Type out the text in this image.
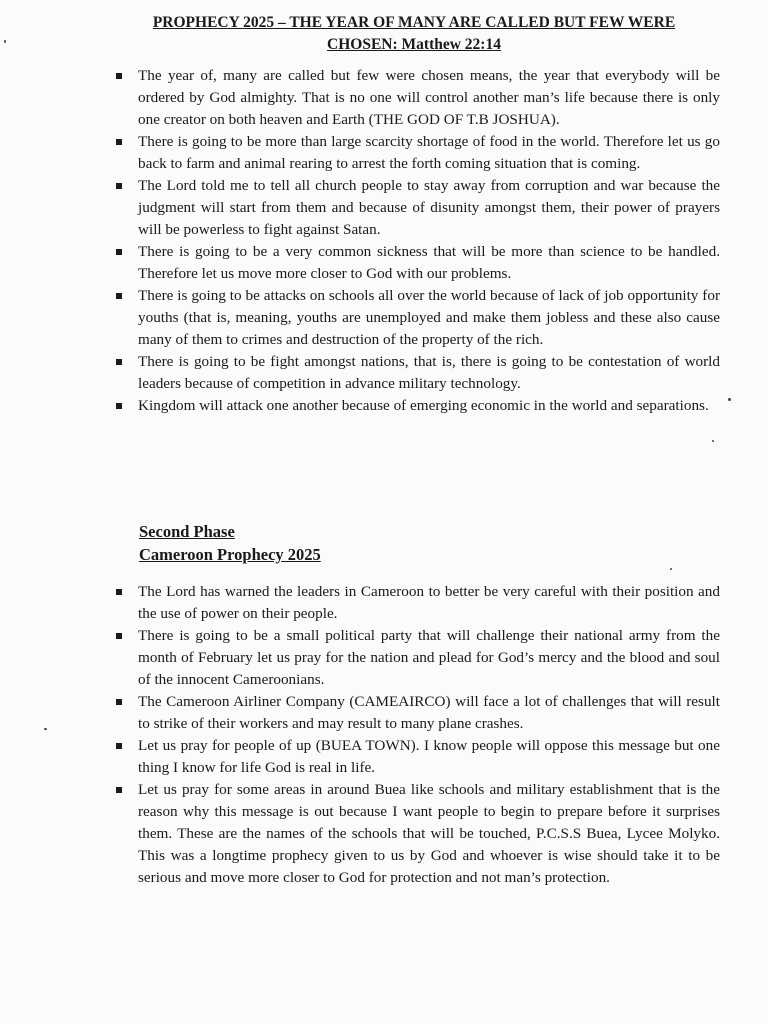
PROPHECY 2025 – THE YEAR OF MANY ARE CALLED BUT FEW WERE
CHOSEN: Matthew 22:14
The year of, many are called but few were chosen means, the year that everybody will be ordered by God almighty. That is no one will control another man’s life because there is only one creator on both heaven and Earth (THE GOD OF T.B JOSHUA).
There is going to be more than large scarcity shortage of food in the world. Therefore let us go back to farm and animal rearing to arrest the forth coming situation that is coming.
The Lord told me to tell all church people to stay away from corruption and war because the judgment will start from them and because of disunity amongst them, their power of prayers will be powerless to fight against Satan.
There is going to be a very common sickness that will be more than science to be handled. Therefore let us move more closer to God with our problems.
There is going to be attacks on schools all over the world because of lack of job opportunity for youths (that is, meaning, youths are unemployed and make them jobless and these also cause many of them to crimes and destruction of the property of the rich.
There is going to be fight amongst nations, that is, there is going to be contestation of world leaders because of competition in advance military technology.
Kingdom will attack one another because of emerging economic in the world and separations.
Second Phase
Cameroon Prophecy 2025
The Lord has warned the leaders in Cameroon to better be very careful with their position and the use of power on their people.
There is going to be a small political party that will challenge their national army from the month of February let us pray for the nation and plead for God’s mercy and the blood and soul of the innocent Cameroonians.
The Cameroon Airliner Company (CAMEAIRCO) will face a lot of challenges that will result to strike of their workers and may result to many plane crashes.
Let us pray for people of up (BUEA TOWN). I know people will oppose this message but one thing I know for life God is real in life.
Let us pray for some areas in around Buea like schools and military establishment that is the reason why this message is out because I want people to begin to prepare before it surprises them. These are the names of the schools that will be touched, P.C.S.S Buea, Lycee Molyko. This was a longtime prophecy given to us by God and whoever is wise should take it to be serious and move more closer to God for protection and not man’s protection.
